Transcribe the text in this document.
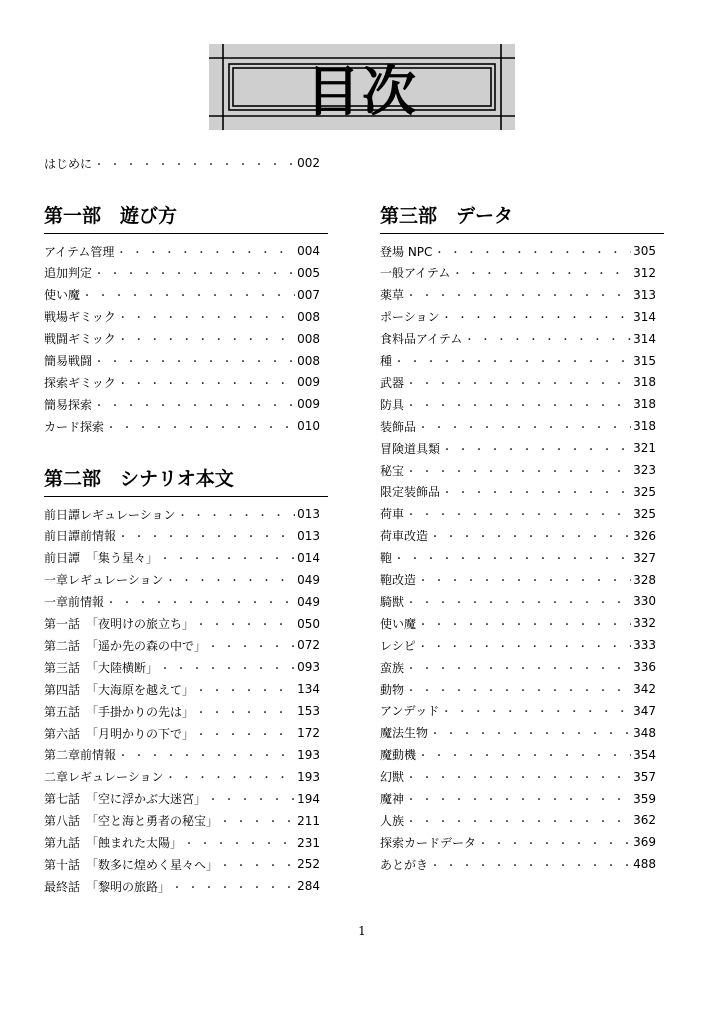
目次
はじめに ・・・・・・・・・・・・・・・・・・・・・・・・・・・・・・・・・・・・・・・・	002
第一部　遊び方
アイテム管理 ・・・・・・・・・・・・・・・・・・・・・・・・・・・・・・・・・・・・・・・・	004
追加判定 ・・・・・・・・・・・・・・・・・・・・・・・・・・・・・・・・・・・・・・・・	005
使い魔 ・・・・・・・・・・・・・・・・・・・・・・・・・・・・・・・・・・・・・・・・	007
戦場ギミック ・・・・・・・・・・・・・・・・・・・・・・・・・・・・・・・・・・・・・・・・	008
戦闘ギミック ・・・・・・・・・・・・・・・・・・・・・・・・・・・・・・・・・・・・・・・・	008
簡易戦闘 ・・・・・・・・・・・・・・・・・・・・・・・・・・・・・・・・・・・・・・・・	008
探索ギミック ・・・・・・・・・・・・・・・・・・・・・・・・・・・・・・・・・・・・・・・・	009
簡易探索 ・・・・・・・・・・・・・・・・・・・・・・・・・・・・・・・・・・・・・・・・	009
カード探索 ・・・・・・・・・・・・・・・・・・・・・・・・・・・・・・・・・・・・・・・・	010
第二部　シナリオ本文
前日譚レギュレーション ・・・・・・・・・・・・・・・・・・・・・・・・・・・・・・・・・・・・・・・・	013
前日譚前情報 ・・・・・・・・・・・・・・・・・・・・・・・・・・・・・・・・・・・・・・・・	013
前日譚　「集う星々」 ・・・・・・・・・・・・・・・・・・・・・・・・・・・・・・・・・・・・・・・・	014
一章レギュレーション ・・・・・・・・・・・・・・・・・・・・・・・・・・・・・・・・・・・・・・・・	049
一章前情報 ・・・・・・・・・・・・・・・・・・・・・・・・・・・・・・・・・・・・・・・・	049
第一話　「夜明けの旅立ち」 ・・・・・・・・・・・・・・・・・・・・・・・・・・・・・・・・・・・・・・・・	050
第二話　「遥か先の森の中で」 ・・・・・・・・・・・・・・・・・・・・・・・・・・・・・・・・・・・・・・・・	072
第三話　「大陸横断」 ・・・・・・・・・・・・・・・・・・・・・・・・・・・・・・・・・・・・・・・・	093
第四話　「大海原を越えて」 ・・・・・・・・・・・・・・・・・・・・・・・・・・・・・・・・・・・・・・・・	134
第五話　「手掛かりの先は」 ・・・・・・・・・・・・・・・・・・・・・・・・・・・・・・・・・・・・・・・・	153
第六話　「月明かりの下で」 ・・・・・・・・・・・・・・・・・・・・・・・・・・・・・・・・・・・・・・・・	172
第二章前情報 ・・・・・・・・・・・・・・・・・・・・・・・・・・・・・・・・・・・・・・・・	193
二章レギュレーション ・・・・・・・・・・・・・・・・・・・・・・・・・・・・・・・・・・・・・・・・	193
第七話　「空に浮かぶ大迷宮」 ・・・・・・・・・・・・・・・・・・・・・・・・・・・・・・・・・・・・・・・・	194
第八話　「空と海と勇者の秘宝」 ・・・・・・・・・・・・・・・・・・・・・・・・・・・・・・・・・・・・・・・・	211
第九話　「蝕まれた太陽」 ・・・・・・・・・・・・・・・・・・・・・・・・・・・・・・・・・・・・・・・・	231
第十話　「数多に煌めく星々へ」 ・・・・・・・・・・・・・・・・・・・・・・・・・・・・・・・・・・・・・・・・	252
最終話　「黎明の旅路」 ・・・・・・・・・・・・・・・・・・・・・・・・・・・・・・・・・・・・・・・・	284
第三部　データ
登場 NPC ・・・・・・・・・・・・・・・・・・・・・・・・・・・・・・・・・・・・・・・・	305
一般アイテム ・・・・・・・・・・・・・・・・・・・・・・・・・・・・・・・・・・・・・・・・	312
薬草 ・・・・・・・・・・・・・・・・・・・・・・・・・・・・・・・・・・・・・・・・	313
ポーション ・・・・・・・・・・・・・・・・・・・・・・・・・・・・・・・・・・・・・・・・	314
食料品アイテム ・・・・・・・・・・・・・・・・・・・・・・・・・・・・・・・・・・・・・・・・	314
種 ・・・・・・・・・・・・・・・・・・・・・・・・・・・・・・・・・・・・・・・・	315
武器 ・・・・・・・・・・・・・・・・・・・・・・・・・・・・・・・・・・・・・・・・	318
防具 ・・・・・・・・・・・・・・・・・・・・・・・・・・・・・・・・・・・・・・・・	318
装飾品 ・・・・・・・・・・・・・・・・・・・・・・・・・・・・・・・・・・・・・・・・	318
冒険道具類 ・・・・・・・・・・・・・・・・・・・・・・・・・・・・・・・・・・・・・・・・	321
秘宝 ・・・・・・・・・・・・・・・・・・・・・・・・・・・・・・・・・・・・・・・・	323
限定装飾品 ・・・・・・・・・・・・・・・・・・・・・・・・・・・・・・・・・・・・・・・・	325
荷車 ・・・・・・・・・・・・・・・・・・・・・・・・・・・・・・・・・・・・・・・・	325
荷車改造 ・・・・・・・・・・・・・・・・・・・・・・・・・・・・・・・・・・・・・・・・	326
鞄 ・・・・・・・・・・・・・・・・・・・・・・・・・・・・・・・・・・・・・・・・	327
鞄改造 ・・・・・・・・・・・・・・・・・・・・・・・・・・・・・・・・・・・・・・・・	328
騎獣 ・・・・・・・・・・・・・・・・・・・・・・・・・・・・・・・・・・・・・・・・	330
使い魔 ・・・・・・・・・・・・・・・・・・・・・・・・・・・・・・・・・・・・・・・・	332
レシピ ・・・・・・・・・・・・・・・・・・・・・・・・・・・・・・・・・・・・・・・・	333
蛮族 ・・・・・・・・・・・・・・・・・・・・・・・・・・・・・・・・・・・・・・・・	336
動物 ・・・・・・・・・・・・・・・・・・・・・・・・・・・・・・・・・・・・・・・・	342
アンデッド ・・・・・・・・・・・・・・・・・・・・・・・・・・・・・・・・・・・・・・・・	347
魔法生物 ・・・・・・・・・・・・・・・・・・・・・・・・・・・・・・・・・・・・・・・・	348
魔動機 ・・・・・・・・・・・・・・・・・・・・・・・・・・・・・・・・・・・・・・・・	354
幻獣 ・・・・・・・・・・・・・・・・・・・・・・・・・・・・・・・・・・・・・・・・	357
魔神 ・・・・・・・・・・・・・・・・・・・・・・・・・・・・・・・・・・・・・・・・	359
人族 ・・・・・・・・・・・・・・・・・・・・・・・・・・・・・・・・・・・・・・・・	362
探索カードデータ ・・・・・・・・・・・・・・・・・・・・・・・・・・・・・・・・・・・・・・・・	369
あとがき ・・・・・・・・・・・・・・・・・・・・・・・・・・・・・・・・・・・・・・・・	488
1
